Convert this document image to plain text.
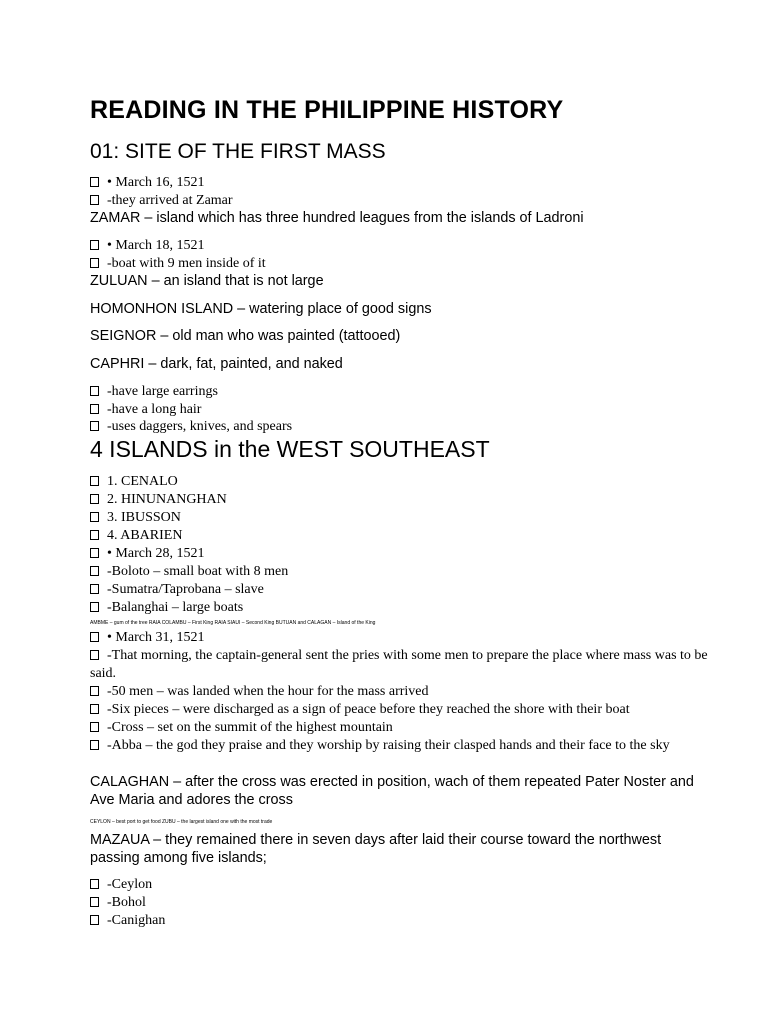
READING IN THE PHILIPPINE HISTORY
01: SITE OF THE FIRST MASS
• March 16, 1521
-they arrived at Zamar
ZAMAR – island which has three hundred leagues from the islands of Ladroni
• March 18, 1521
-boat with 9 men inside of it
ZULUAN – an island that is not large
HOMONHON ISLAND – watering place of good signs
SEIGNOR – old man who was painted (tattooed)
CAPHRI – dark, fat, painted, and naked
-have large earrings
-have a long hair
-uses daggers, knives, and spears
4 ISLANDS in the WEST SOUTHEAST
1. CENALO
2. HINUNANGHAN
3. IBUSSON
4. ABARIEN
• March 28, 1521
-Boloto – small boat with 8 men
-Sumatra/Taprobana – slave
-Balanghai – large boats
AMBME – gum of the tree RAIA COLAMBU – First King RAIA SIAUI – Second King BUTUAN and CALAGAN – Island of the King
• March 31, 1521
-That morning, the captain-general sent the pries with some men to prepare the place where mass was to be said.
-50 men – was landed when the hour for the mass arrived
-Six pieces – were discharged as a sign of peace before they reached the shore with their boat
-Cross – set on the summit of the highest mountain
-Abba – the god they praise and they worship by raising their clasped hands and their face to the sky
CALAGHAN – after the cross was erected in position, wach of them repeated Pater Noster and Ave Maria and adores the cross
CEYLON – best port to get food ZUBU – the largest island one with the most trade
MAZAUA – they remained there in seven days after laid their course toward the northwest passing among five islands;
-Ceylon
-Bohol
-Canighan
